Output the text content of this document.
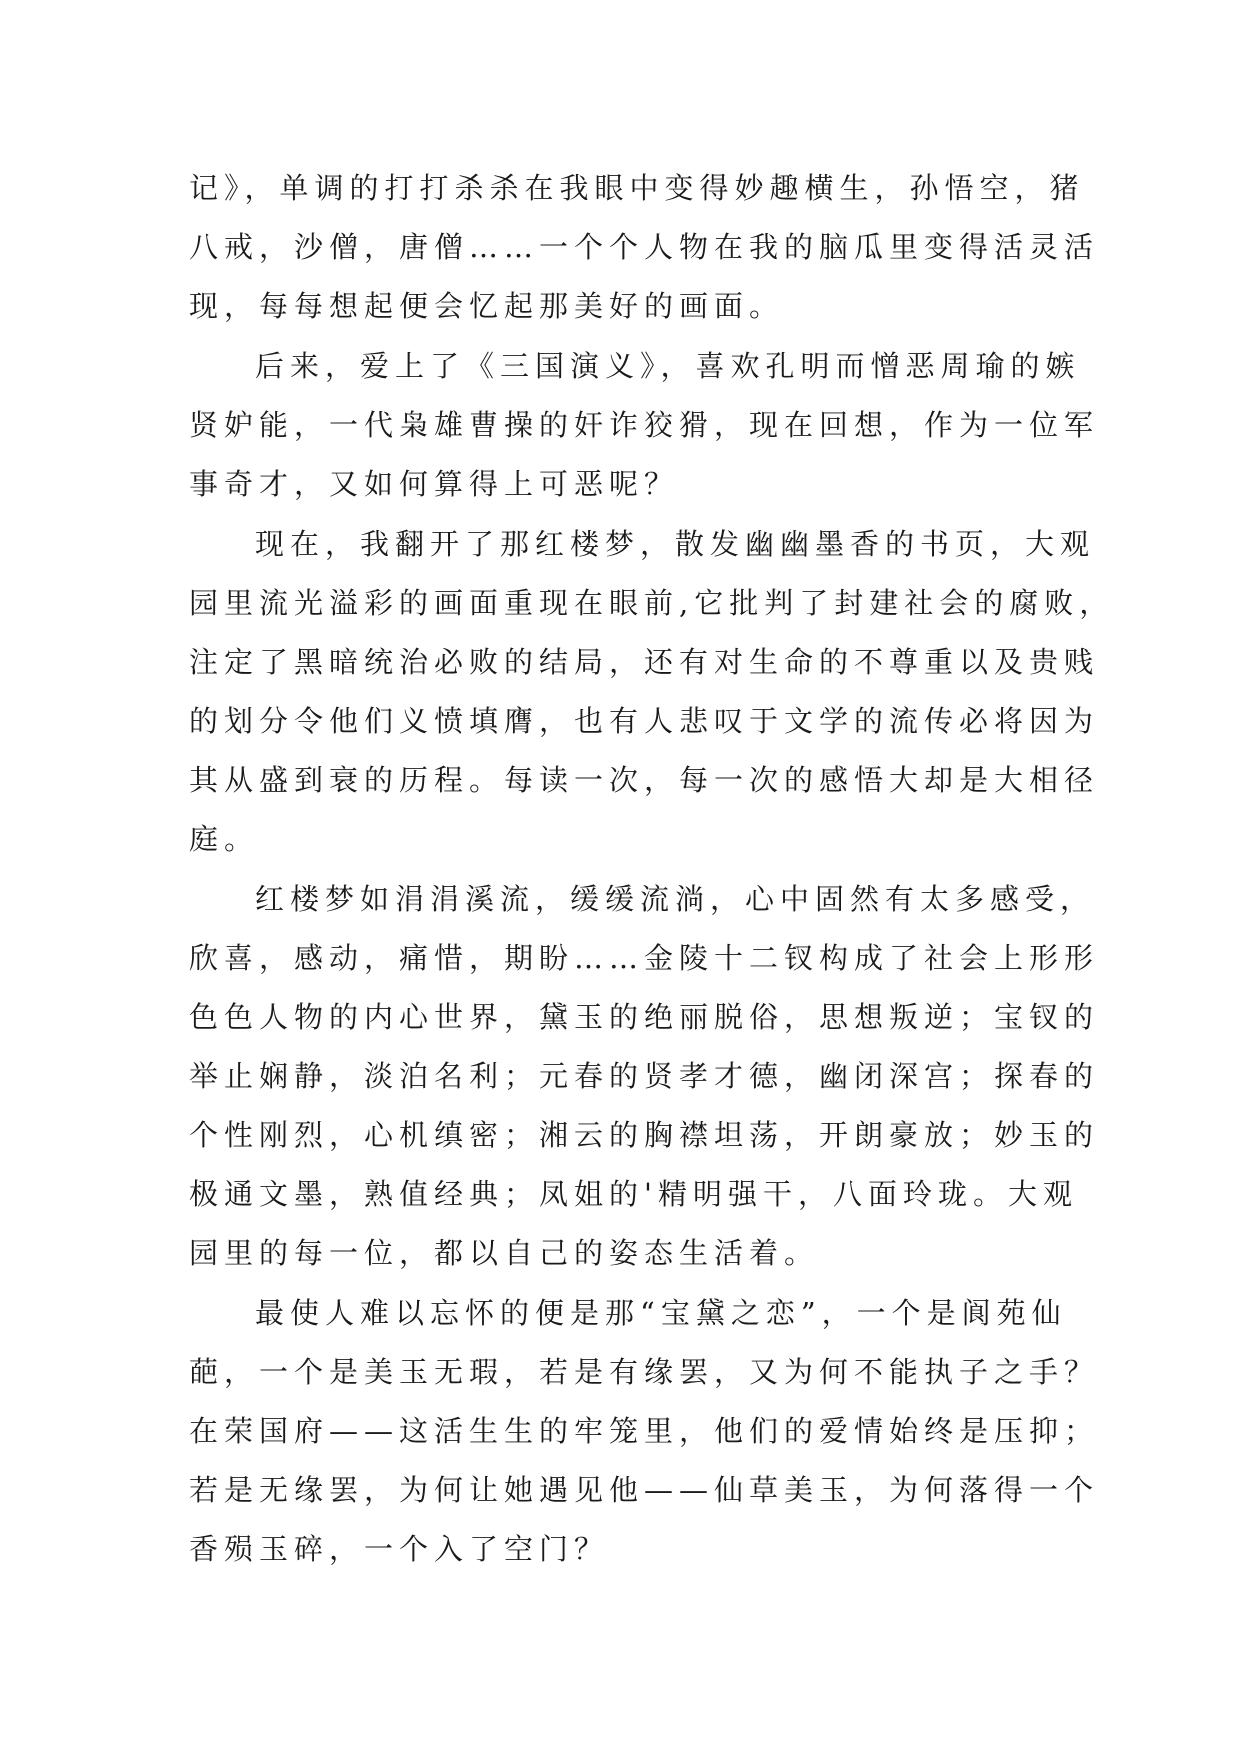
记》，单调的打打杀杀在我眼中变得妙趣横生，孙悟空，猪
八戒，沙僧，唐僧……一个个人物在我的脑瓜里变得活灵活
现，每每想起便会忆起那美好的画面。
后来，爱上了《三国演义》，喜欢孔明而憎恶周瑜的嫉
贤妒能，一代枭雄曹操的奸诈狡猾，现在回想，作为一位军
事奇才，又如何算得上可恶呢？
现在，我翻开了那红楼梦，散发幽幽墨香的书页，大观
园里流光溢彩的画面重现在眼前,它批判了封建社会的腐败，
注定了黑暗统治必败的结局，还有对生命的不尊重以及贵贱
的划分令他们义愤填膺，也有人悲叹于文学的流传必将因为
其从盛到衰的历程。每读一次，每一次的感悟大却是大相径
庭。
红楼梦如涓涓溪流，缓缓流淌，心中固然有太多感受，
欣喜，感动，痛惜，期盼……金陵十二钗构成了社会上形形
色色人物的内心世界，黛玉的绝丽脱俗，思想叛逆；宝钗的
举止娴静，淡泊名利；元春的贤孝才德，幽闭深宫；探春的
个性刚烈，心机缜密；湘云的胸襟坦荡，开朗豪放；妙玉的
极通文墨，熟值经典；凤姐的'精明强干，八面玲珑。大观
园里的每一位，都以自己的姿态生活着。
最使人难以忘怀的便是那“宝黛之恋”，一个是阆苑仙
葩，一个是美玉无瑕，若是有缘罢，又为何不能执子之手？
在荣国府——这活生生的牢笼里，他们的爱情始终是压抑；
若是无缘罢，为何让她遇见他——仙草美玉，为何落得一个
香殒玉碎，一个入了空门？
